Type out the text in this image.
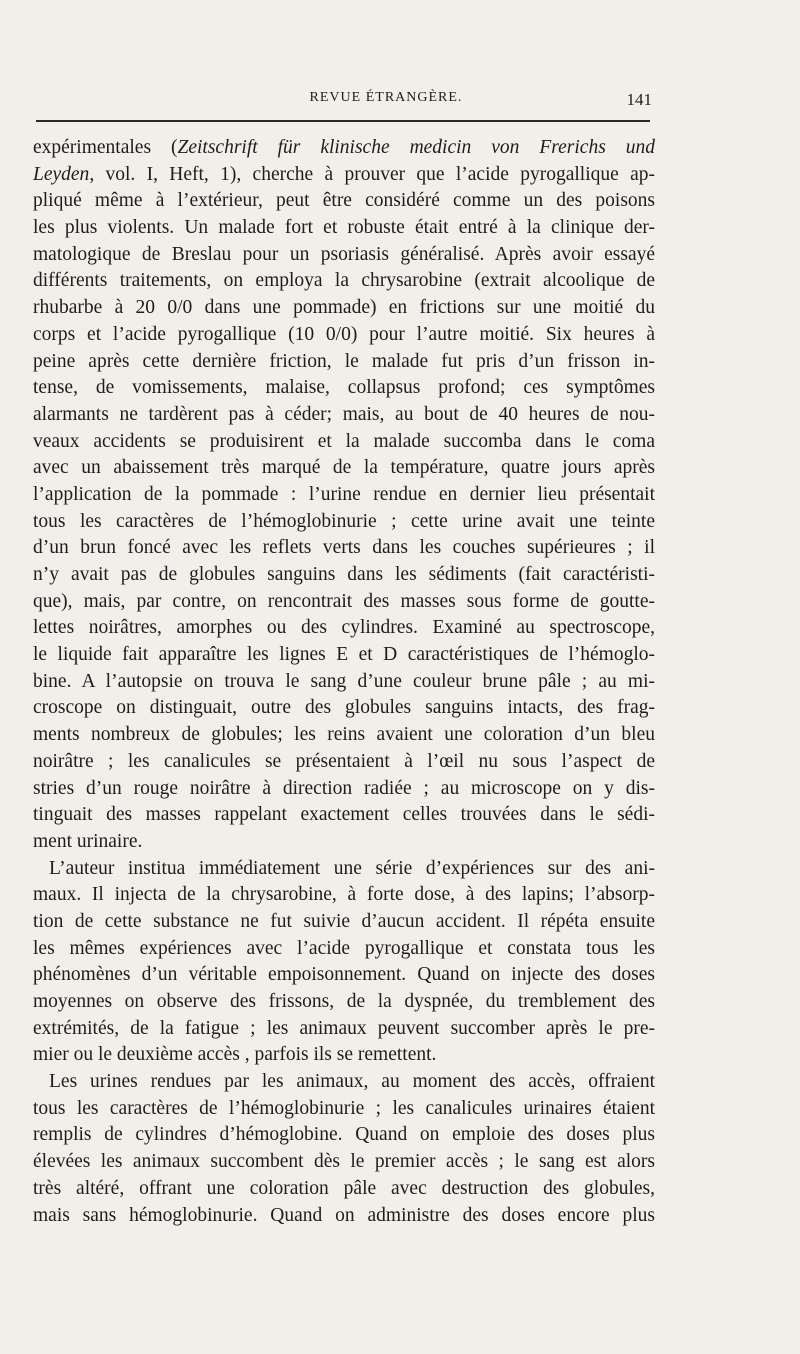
REVUE ÉTRANGÈRE.	141
expérimentales (Zeitschrift für klinische medicin von Frerichs und
Leyden, vol. I, Heft, 1), cherche à prouver que l’acide pyrogallique ap-
pliqué même à l’extérieur, peut être considéré comme un des poisons
les plus violents. Un malade fort et robuste était entré à la clinique der-
matologique de Breslau pour un psoriasis généralisé. Après avoir essayé
différents traitements, on employa la chrysarobine (extrait alcoolique de
rhubarbe à 20 0/0 dans une pommade) en frictions sur une moitié du
corps et l’acide pyrogallique (10 0/0) pour l’autre moitié. Six heures à
peine après cette dernière friction, le malade fut pris d’un frisson in-
tense, de vomissements, malaise, collapsus profond; ces symptômes
alarmants ne tardèrent pas à céder; mais, au bout de 40 heures de nou-
veaux accidents se produisirent et la malade succomba dans le coma
avec un abaissement très marqué de la température, quatre jours après
l’application de la pommade : l’urine rendue en dernier lieu présentait
tous les caractères de l’hémoglobinurie ; cette urine avait une teinte
d’un brun foncé avec les reflets verts dans les couches supérieures ; il
n’y avait pas de globules sanguins dans les sédiments (fait caractéristi-
que), mais, par contre, on rencontrait des masses sous forme de goutte-
lettes noirâtres, amorphes ou des cylindres. Examiné au spectroscope,
le liquide fait apparaître les lignes E et D caractéristiques de l’hémoglo-
bine. A l’autopsie on trouva le sang d’une couleur brune pâle ; au mi-
croscope on distinguait, outre des globules sanguins intacts, des frag-
ments nombreux de globules; les reins avaient une coloration d’un bleu
noirâtre ; les canalicules se présentaient à l’œil nu sous l’aspect de
stries d’un rouge noirâtre à direction radiée ; au microscope on y dis-
tinguait des masses rappelant exactement celles trouvées dans le sédi-
ment urinaire.
L’auteur institua immédiatement une série d’expériences sur des ani-
maux. Il injecta de la chrysarobine, à forte dose, à des lapins; l’absorp-
tion de cette substance ne fut suivie d’aucun accident. Il répéta ensuite
les mêmes expériences avec l’acide pyrogallique et constata tous les
phénomènes d’un véritable empoisonnement. Quand on injecte des doses
moyennes on observe des frissons, de la dyspnée, du tremblement des
extrémités, de la fatigue ; les animaux peuvent succomber après le pre-
mier ou le deuxième accès , parfois ils se remettent.
Les urines rendues par les animaux, au moment des accès, offraient
tous les caractères de l’hémoglobinurie ; les canalicules urinaires étaient
remplis de cylindres d’hémoglobine. Quand on emploie des doses plus
élevées les animaux succombent dès le premier accès ; le sang est alors
très altéré, offrant une coloration pâle avec destruction des globules,
mais sans hémoglobinurie. Quand on administre des doses encore plus
